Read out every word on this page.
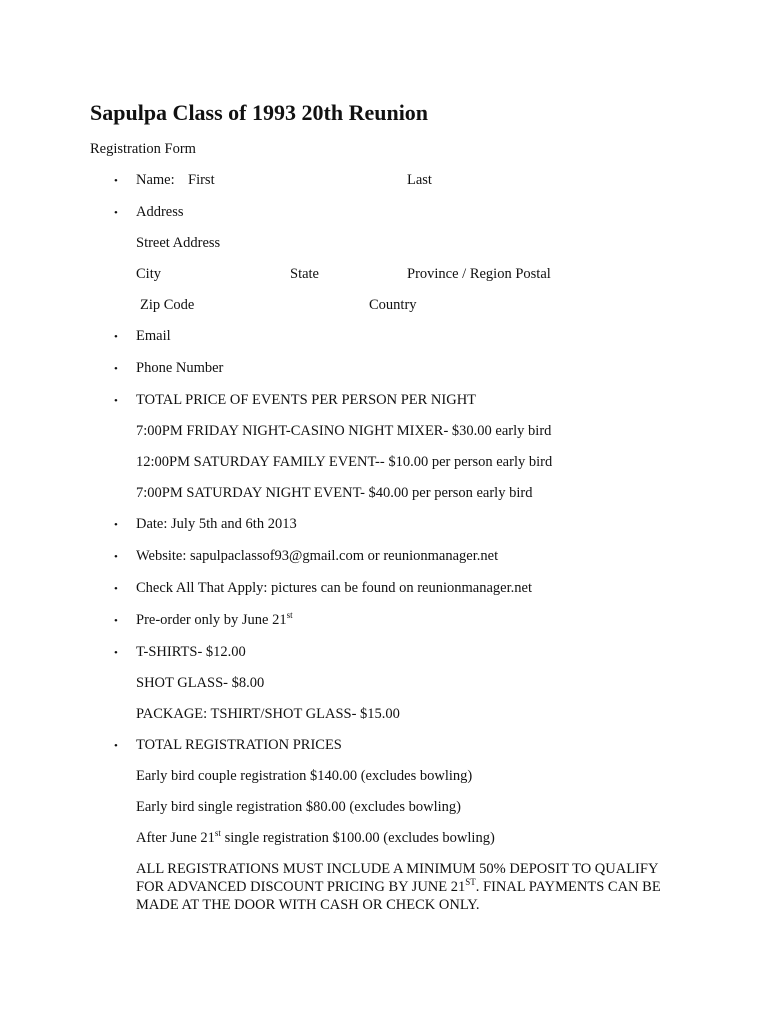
Sapulpa Class of 1993 20th Reunion
Registration Form
• Name: First	Last
• Address
Street Address
City	State	Province / Region Postal
Zip Code	Country
• Email
• Phone Number
• TOTAL PRICE OF EVENTS PER PERSON PER NIGHT
7:00PM FRIDAY NIGHT-CASINO NIGHT MIXER- $30.00 early bird
12:00PM SATURDAY FAMILY EVENT-- $10.00 per person early bird
7:00PM SATURDAY NIGHT EVENT- $40.00 per person early bird
• Date: July 5th and 6th 2013
• Website: sapulpaclassof93@gmail.com or reunionmanager.net
• Check All That Apply: pictures can be found on reunionmanager.net
• Pre-order only by June 21st
• T-SHIRTS- $12.00
SHOT GLASS- $8.00
PACKAGE: TSHIRT/SHOT GLASS- $15.00
• TOTAL REGISTRATION PRICES
Early bird couple registration $140.00 (excludes bowling)
Early bird single registration $80.00 (excludes bowling)
After June 21st single registration $100.00 (excludes bowling)
ALL REGISTRATIONS MUST INCLUDE A MINIMUM 50% DEPOSIT TO QUALIFY FOR ADVANCED DISCOUNT PRICING BY JUNE 21ST. FINAL PAYMENTS CAN BE MADE AT THE DOOR WITH CASH OR CHECK ONLY.
